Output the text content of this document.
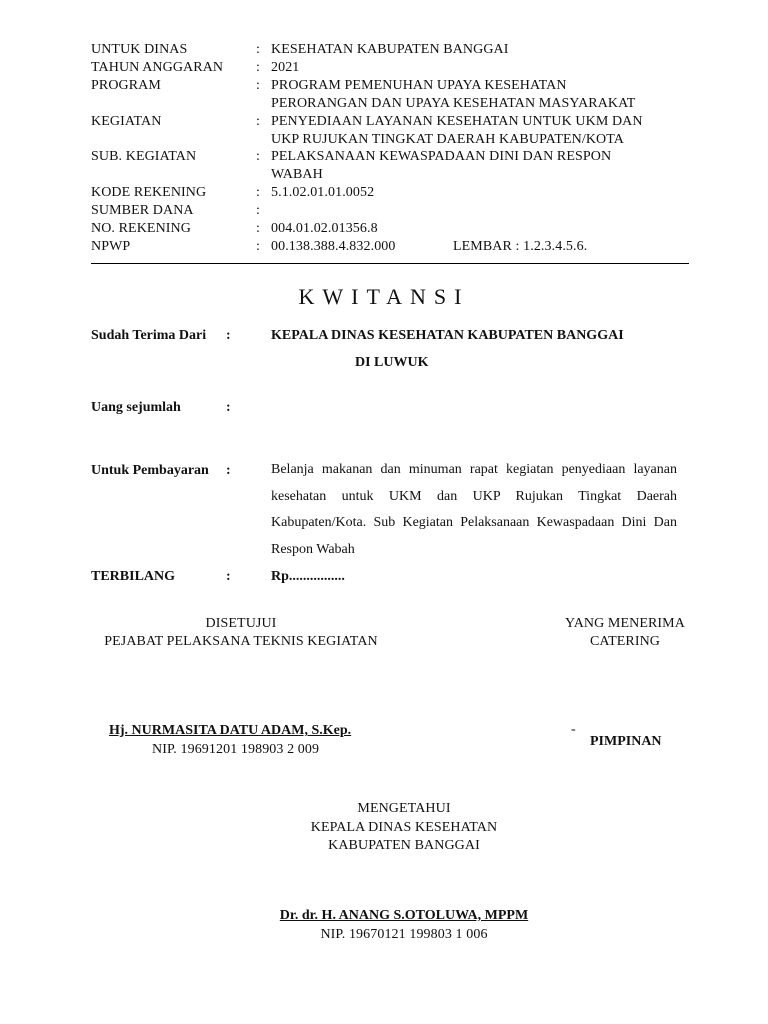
UNTUK DINAS	: KESEHATAN KABUPATEN BANGGAI
TAHUN ANGGARAN : 2021
PROGRAM	: PROGRAM PEMENUHAN UPAYA KESEHATAN
PERORANGAN DAN UPAYA KESEHATAN MASYARAKAT
KEGIATAN	: PENYEDIAAN LAYANAN KESEHATAN UNTUK UKM DAN
UKP RUJUKAN TINGKAT DAERAH KABUPATEN/KOTA
SUB. KEGIATAN	: PELAKSANAAN KEWASPADAAN DINI DAN RESPON
WABAH
KODE REKENING	: 5.1.02.01.01.0052
SUMBER DANA	:
NO. REKENING	: 004.01.02.01356.8
NPWP	: 00.138.388.4.832.000	LEMBAR : 1.2.3.4.5.6.
KWITANSI
Sudah Terima Dari :	KEPALA DINAS KESEHATAN KABUPATEN BANGGAI
DI LUWUK
Uang sejumlah	:
Untuk Pembayaran :	Belanja makanan dan minuman rapat kegiatan penyediaan layanan kesehatan untuk UKM dan UKP Rujukan Tingkat Daerah Kabupaten/Kota. Sub Kegiatan Pelaksanaan Kewaspadaan Dini Dan Respon Wabah
TERBILANG	:	Rp................
DISETUJUI
PEJABAT PELAKSANA TEKNIS KEGIATAN
Hj. NURMASITA DATU ADAM, S.Kep.
NIP. 19691201 198903 2 009
YANG MENERIMA
CATERING
-
PIMPINAN
MENGETAHUI
KEPALA DINAS KESEHATAN
KABUPATEN BANGGAI
Dr. dr. H. ANANG S.OTOLUWA, MPPM
NIP. 19670121 199803 1 006
